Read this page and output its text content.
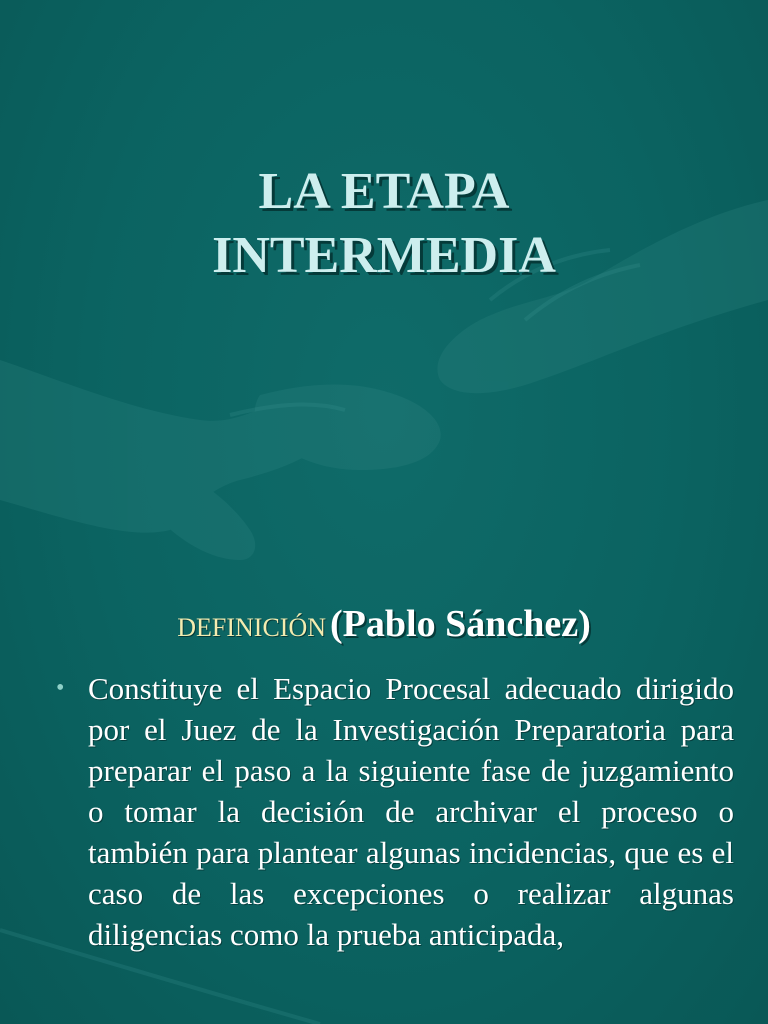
LA ETAPA
INTERMEDIA
DEFINICIÓN (Pablo Sánchez)
• Constituye el Espacio Procesal adecuado dirigido por el Juez de la Investigación Preparatoria para preparar el paso a la siguiente fase de juzgamiento o tomar la decisión de archivar el proceso o también para plantear algunas incidencias, que es el caso de las excepciones o realizar algunas diligencias como la prueba anticipada,
